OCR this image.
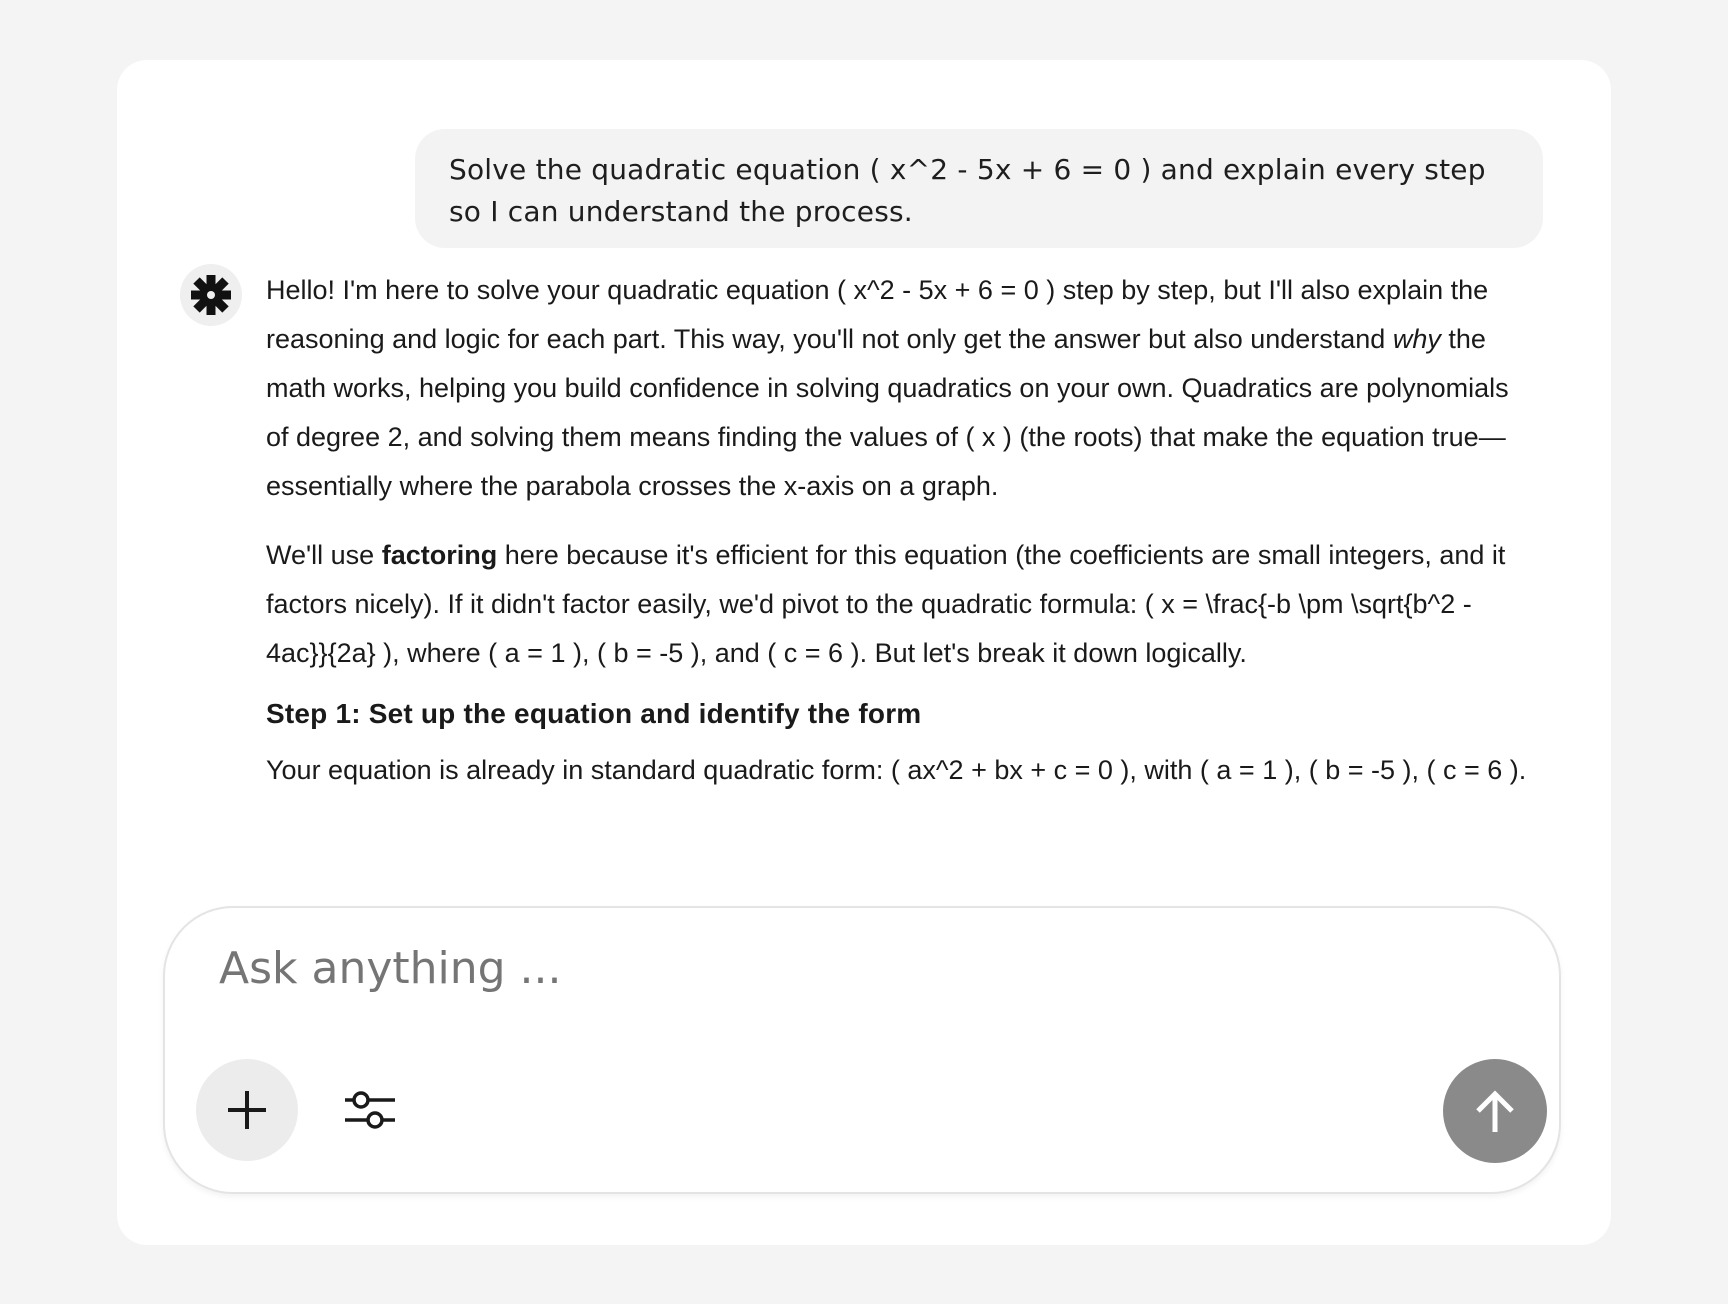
Solve the quadratic equation ( x^2 - 5x + 6 = 0 ) and explain every step so I can understand the process.

Hello! I'm here to solve your quadratic equation ( x^2 - 5x + 6 = 0 ) step by step, but I'll also explain the reasoning and logic for each part. This way, you'll not only get the answer but also understand why the math works, helping you build confidence in solving quadratics on your own. Quadratics are polynomials of degree 2, and solving them means finding the values of ( x ) (the roots) that make the equation true—essentially where the parabola crosses the x-axis on a graph.

We'll use factoring here because it's efficient for this equation (the coefficients are small integers, and it factors nicely). If it didn't factor easily, we'd pivot to the quadratic formula: ( x = \frac{-b \pm \sqrt{b^2 - 4ac}}{2a} ), where ( a = 1 ), ( b = -5 ), and ( c = 6 ). But let's break it down logically.

Step 1: Set up the equation and identify the form

Your equation is already in standard quadratic form: ( ax^2 + bx + c = 0 ), with ( a = 1 ), ( b = -5 ), ( c = 6 ).

Ask anything ...
